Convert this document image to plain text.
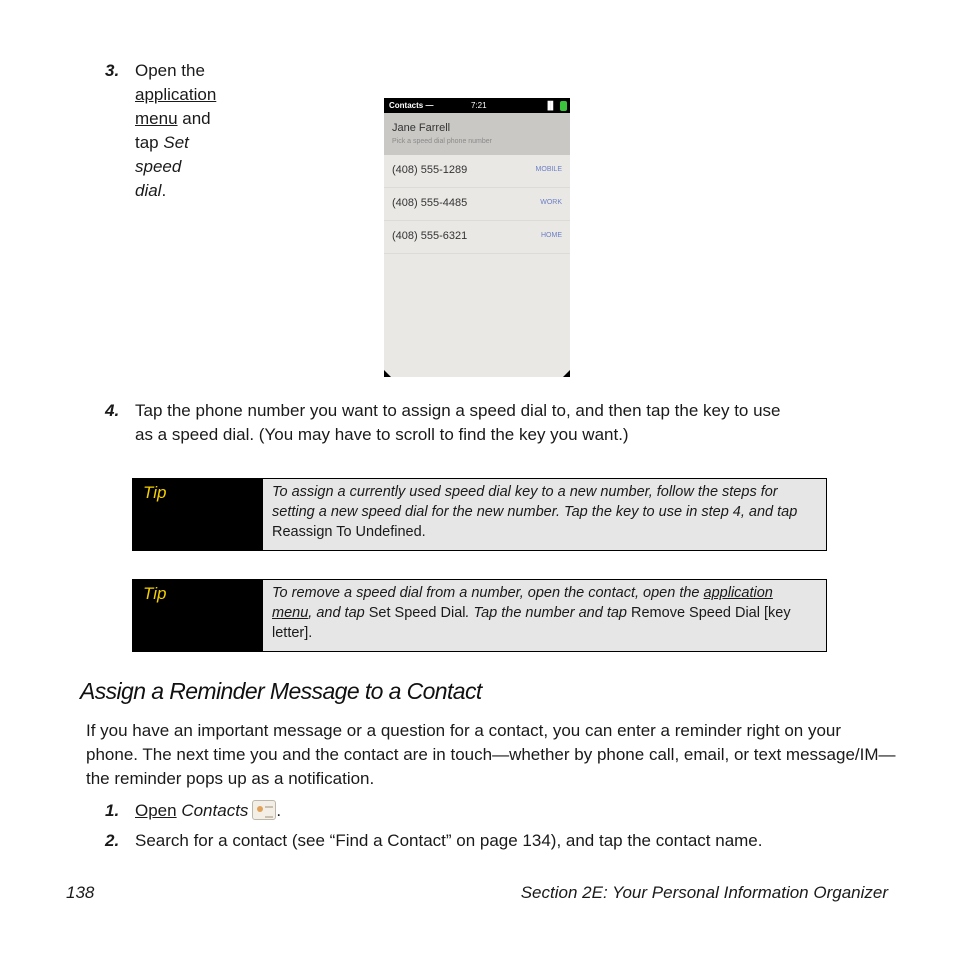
3. Open the application menu and tap Set speed dial.
Contacts —	7:21	▐▌
Jane Farrell
Pick a speed dial phone number
(408) 555-1289	MOBILE
(408) 555-4485	WORK
(408) 555-6321	HOME
4. Tap the phone number you want to assign a speed dial to, and then tap the key to use
as a speed dial. (You may have to scroll to find the key you want.)
Tip	To assign a currently used speed dial key to a new number, follow the steps for setting a new speed dial for the new number. Tap the key to use in step 4, and tap Reassign To Undefined.
Tip	To remove a speed dial from a number, open the contact, open the application menu, and tap Set Speed Dial. Tap the number and tap Remove Speed Dial [key letter].
Assign a Reminder Message to a Contact

If you have an important message or a question for a contact, you can enter a reminder right on your phone. The next time you and the contact are in touch—whether by phone call, email, or text message/IM—the reminder pops up as a notification.

1. Open Contacts .
2. Search for a contact (see “Find a Contact” on page 134), and tap the contact name.
138	Section 2E: Your Personal Information Organizer
